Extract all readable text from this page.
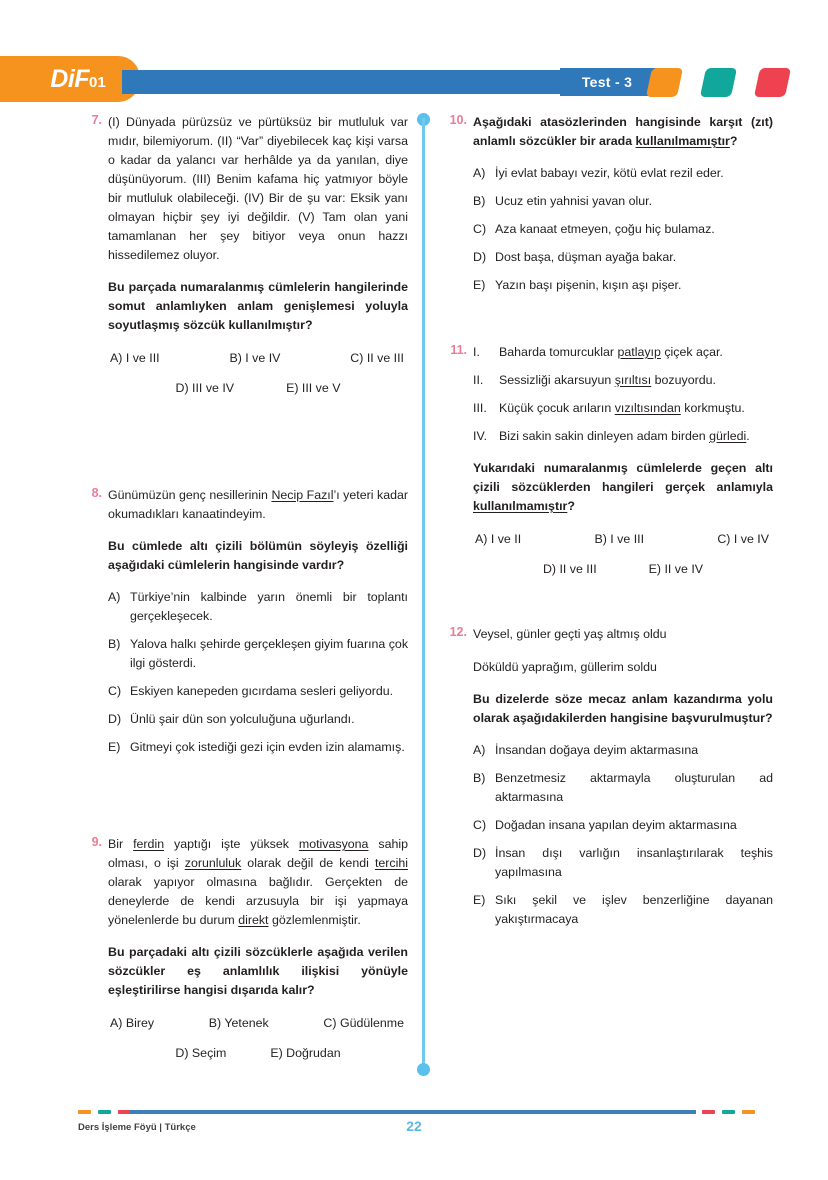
DiF01	Test - 3
7. (I) Dünyada pürüzsüz ve pürtüksüz bir mutluluk var mıdır, bilemiyorum. (II) “Var” diyebilecek kaç kişi varsa o kadar da yalancı var herhâlde ya da yanılan, diye düşünüyorum. (III) Benim kafama hiç yatmıyor böyle bir mutluluk olabileceği. (IV) Bir de şu var: Eksik yanı olmayan hiçbir şey iyi değildir. (V) Tam olan yani tamamlanan her şey bitiyor veya onun hazzı hissedilemez oluyor.

Bu parçada numaralanmış cümlelerin hangilerinde somut anlamlıyken anlam genişlemesi yoluyla soyutlaşmış sözcük kullanılmıştır?

A) I ve III	B) I ve IV	C) II ve III
D) III ve IV	E) III ve V
8. Günümüzün genç nesillerinin Necip Fazıl’ı yeteri kadar okumadıkları kanaatindeyim.

Bu cümlede altı çizili bölümün söyleyiş özelliği aşağıdaki cümlelerin hangisinde vardır?

A) Türkiye’nin kalbinde yarın önemli bir toplantı gerçekleşecek.
B) Yalova halkı şehirde gerçekleşen giyim fuarına çok ilgi gösterdi.
C) Eskiyen kanepeden gıcırdama sesleri geliyordu.
D) Ünlü şair dün son yolculuğuna uğurlandı.
E) Gitmeyi çok istediği gezi için evden izin alamamış.
9. Bir ferdin yaptığı işte yüksek motivasyona sahip olması, o işi zorunluluk olarak değil de kendi tercihi olarak yapıyor olmasına bağlıdır. Gerçekten de deneylerde de kendi arzusuyla bir işi yapmaya yönelenlerde bu durum direkt gözlemlenmiştir.

Bu parçadaki altı çizili sözcüklerle aşağıda verilen sözcükler eş anlamlılık ilişkisi yönüyle eşleştirilirse hangisi dışarıda kalır?

A) Birey	B) Yetenek	C) Güdülenme
D) Seçim	E) Doğrudan
10. Aşağıdaki atasözlerinden hangisinde karşıt (zıt) anlamlı sözcükler bir arada kullanılmamıştır?

A) İyi evlat babayı vezir, kötü evlat rezil eder.
B) Ucuz etin yahnisi yavan olur.
C) Aza kanaat etmeyen, çoğu hiç bulamaz.
D) Dost başa, düşman ayağa bakar.
E) Yazın başı pişenin, kışın aşı pişer.
11. I.	Baharda tomurcuklar patlayıp çiçek açar.
II.	Sessizliği akarsuyun şırıltısı bozuyordu.
III. Küçük çocuk arıların vızıltısından korkmuştu.
IV. Bizi sakin sakin dinleyen adam birden gürledi.

Yukarıdaki numaralanmış cümlelerde geçen altı çizili sözcüklerden hangileri gerçek anlamıyla kullanılmamıştır?

A) I ve II	B) I ve III	C) I ve IV
D) II ve III	E) II ve IV
12. Veysel, günler geçti yaş altmış oldu

Döküldü yaprağım, güllerim soldu

Bu dizelerde söze mecaz anlam kazandırma yolu olarak aşağıdakilerden hangisine başvurulmuştur?

A) İnsandan doğaya deyim aktarmasına
B) Benzetmesiz aktarmayla oluşturulan ad aktarmasına
C) Doğadan insana yapılan deyim aktarmasına
D) İnsan dışı varlığın insanlaştırılarak teşhis yapılmasına
E) Sıkı şekil ve işlev benzerliğine dayanan yakıştırmacaya
Ders İşleme Föyü | Türkçe	22
